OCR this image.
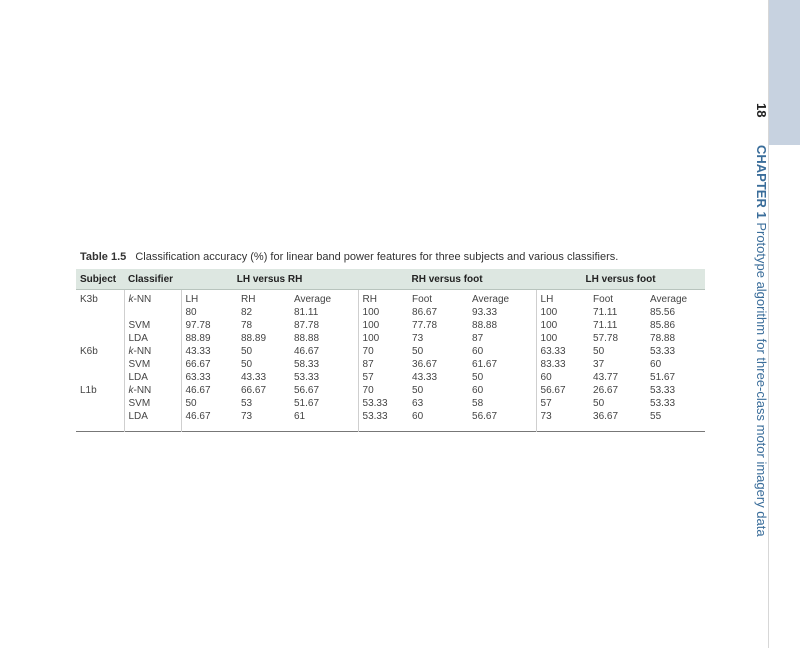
18 CHAPTER 1 Prototype algorithm for three-class motor imagery data
Table 1.5 Classification accuracy (%) for linear band power features for three subjects and various classifiers.
Subject	Classifier	LH versus RH			RH versus foot			LH versus foot		
K3b	k-NN	LH	RH	Average	RH	Foot	Average	LH	Foot	Average
		80	82	81.11	100	86.67	93.33	100	71.11	85.56
	SVM	97.78	78	87.78	100	77.78	88.88	100	71.11	85.86
	LDA	88.89	88.89	88.88	100	73	87	100	57.78	78.88
K6b	k-NN	43.33	50	46.67	70	50	60	63.33	50	53.33
	SVM	66.67	50	58.33	87	36.67	61.67	83.33	37	60
	LDA	63.33	43.33	53.33	57	43.33	50	60	43.77	51.67
L1b	k-NN	46.67	66.67	56.67	70	50	60	56.67	26.67	53.33
	SVM	50	53	51.67	53.33	63	58	57	50	53.33
	LDA	46.67	73	61	53.33	60	56.67	73	36.67	55
